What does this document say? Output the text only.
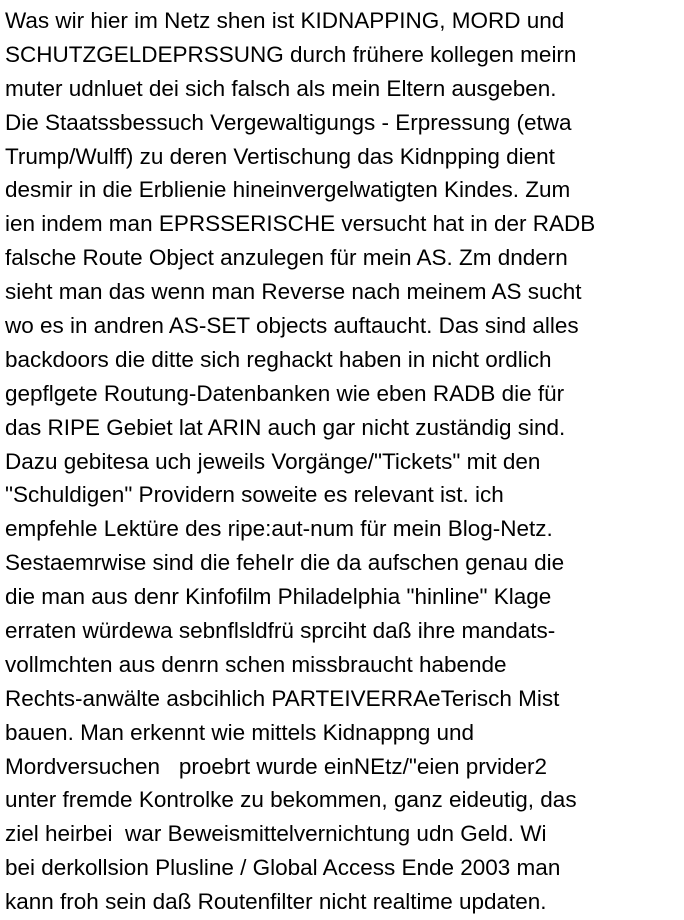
Was wir hier im Netz shen ist KIDNAPPING, MORD und
SCHUTZGELDEPRSSUNG durch frühere kollegen meirn
muter udnluet dei sich falsch als mein Eltern ausgeben.
Die Staatssbessuch Vergewaltigungs - Erpressung (etwa
Trump/Wulff) zu deren Vertischung das Kidnpping dient
desmir in die Erblienie hineinvergelwatigten Kindes. Zum
ien indem man EPRSSERISCHE versucht hat in der RADB
falsche Route Object anzulegen für mein AS. Zm dndern
sieht man das wenn man Reverse nach meinem AS sucht
wo es in andren AS-SET objects auftaucht. Das sind alles
backdoors die ditte sich reghackt haben in nicht ordlich
gepflgete Routung-Datenbanken wie eben RADB die für
das RIPE Gebiet lat ARIN auch gar nicht zuständig sind.
Dazu gebitesa uch jeweils Vorgänge/"Tickets" mit den
"Schuldigen" Providern soweite es relevant ist. ich
empfehle Lektüre des ripe:aut-num für mein Blog-Netz.
Sestaemrwise sind die feheIr die da aufschen genau die
die man aus denr Kinfofilm Philadelphia "hinline" Klage
erraten würdewa sebnflsldfrü sprciht daß ihre mandats-
vollmchten aus denrn schen missbraucht habende
Rechts-anwälte asbcihlich PARTEIVERRAeTerisch Mist
bauen. Man erkennt wie mittels Kidnappng und
Mordversuchen   proebrt wurde einNEtz/"eien prvider2
unter fremde Kontrolke zu bekommen, ganz eideutig, das
ziel heirbei  war Beweismittelvernichtung udn Geld. Wi
bei derkollsion Plusline / Global Access Ende 2003 man
kann froh sein daß Routenfilter nicht realtime updaten.
